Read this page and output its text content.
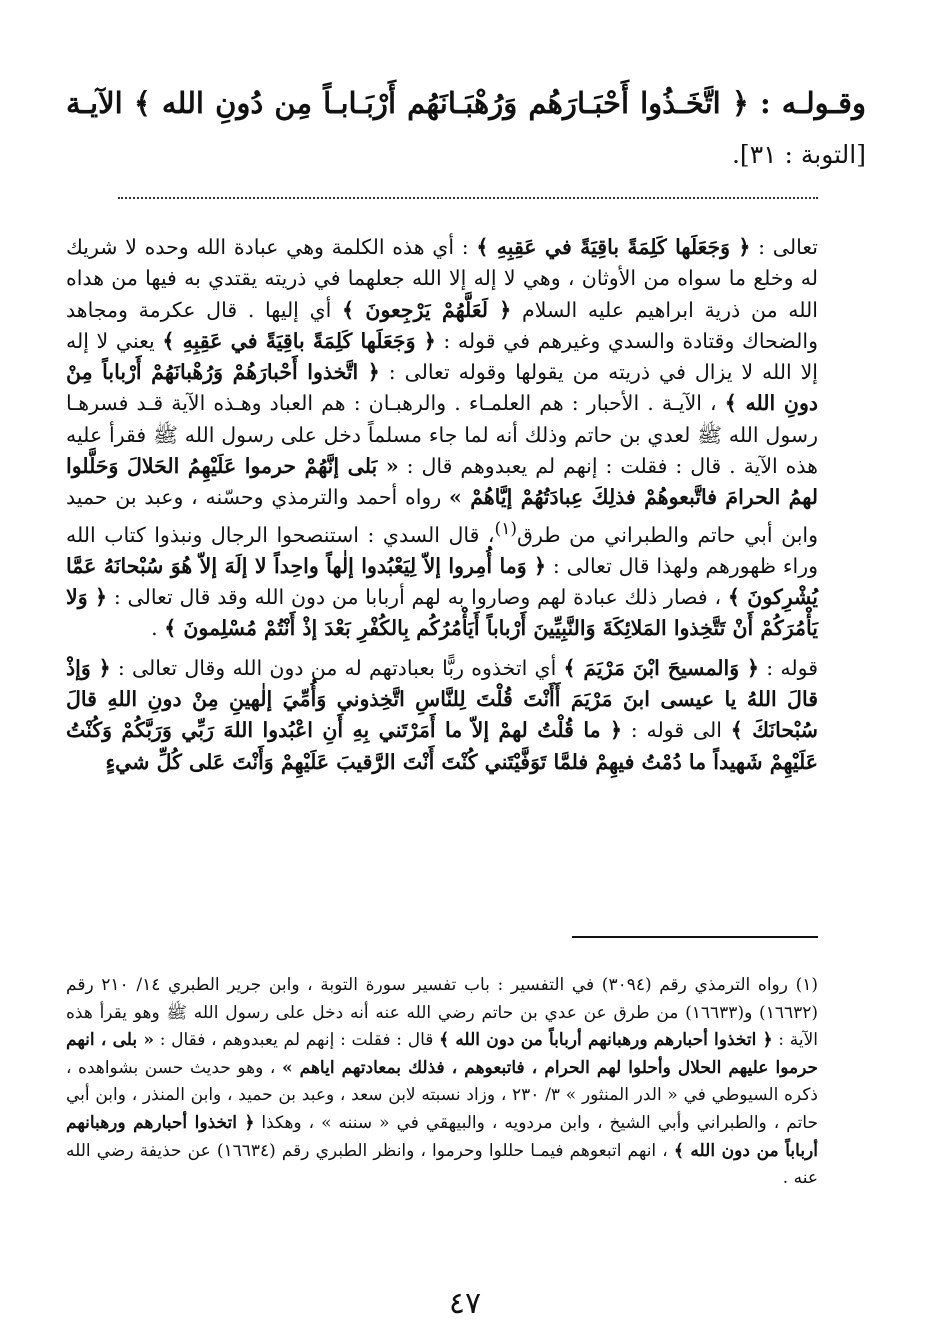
وقـولـه : ﴿ اتَّخَـذُوا أَحْبَـارَهُم وَرُهْبَـانَهُم أَرْبَـابـاً مِن دُونِ الله ﴾ الآيـة [التوبة : ٣١].

تعالى : ﴿ وَجَعَلَها كَلِمَةً باقِيَةً في عَقِبِهِ ﴾ : أي هذه الكلمة وهي عبادة الله وحده لا شريك له وخلع ما سواه من الأوثان ، وهي لا إله إلا الله جعلهما في ذريته يقتدي به فيها من هداه الله من ذرية ابراهيم عليه السلام ﴿ لَعَلَّهُمْ يَرْجِعونَ ﴾ أي إليها . قال عكرمة ومجاهد والضحاك وقتادة والسدي وغيرهم في قوله : ﴿ وَجَعَلَها كَلِمَةً باقِيَةً في عَقِبِهِ ﴾ يعني لا إله إلا الله لا يزال في ذريته من يقولها وقوله تعالى : ﴿ اتَّخذوا أَحْبارَهُمْ وَرُهْبانَهُمْ أَرْباباً مِنْ دونِ الله ﴾ ، الآيـة . الأحبار : هم العلمـاء . والرهبـان : هم العباد وهـذه الآية قـد فسرهـا رسول الله ﷺ لعدي بن حاتم وذلك أنه لما جاء مسلماً دخل على رسول الله ﷺ فقرأ عليه هذه الآية . قال : فقلت : إنهم لم يعبدوهم قال : « بَلى إنَّهُمْ حرموا عَلَيْهِمُ الحَلالَ وَحَلَّلوا لهمُ الحرامَ فاتَّبعوهُمْ فذلِكَ عِبادَتُهُمْ إيَّاهُمْ » رواه أحمد والترمذي وحسّنه ، وعبد بن حميد وابن أبي حاتم والطبراني من طرق$^{(١)}$، قال السدي : استنصحوا الرجال ونبذوا كتاب الله وراء ظهورهم ولهذا قال تعالى : ﴿ وَما أُمِروا إلاّ لِيَعْبُدوا إلٰهاً واحِداً لا إلَهَ إلاّ هُوَ سُبْحانَهُ عَمَّا يُشْرِكونَ ﴾ ، فصار ذلك عبادة لهم وصاروا به لهم أربابا من دون الله وقد قال تعالى : ﴿ وَلا يَأْمُرَكُمْ أَنْ تَتَّخِذوا المَلائِكَةَ وَالنَّبِيِّينَ أَرْباباً أَيَأْمُرُكُم بِالكُفْرِ بَعْدَ إذْ أَنْتُمْ مُسْلِمونَ ﴾ .

قوله : ﴿ وَالمسيحَ ابْنَ مَرْيَمَ ﴾ أي اتخذوه ربًّا بعبادتهم له من دون الله وقال تعالى : ﴿ وَإذْ قالَ اللهُ يا عيسى ابنَ مَرْيَمَ أَأَنْتَ قُلْتَ لِلنَّاسِ اتَّخِذوني وَأُمِّيَ إلٰهينِ مِنْ دونِ اللهِ قالَ سُبْحانَكَ ﴾ الى قوله : ﴿ ما قُلْتُ لهمْ إلاّ ما أَمَرْتَني بِهِ أَنِ اعْبُدوا اللهَ رَبِّي وَرَبَّكُمْ وَكُنْتُ عَلَيْهِمْ شَهيداً ما دُمْتُ فيهِمْ فلمَّا تَوَفَّيْتَني كُنْتَ أَنْتَ الرَّقيبَ عَلَيْهِمْ وَأَنْتَ عَلى كُلِّ شيءٍ

(١) رواه الترمذي رقم (٣٠٩٤) في التفسير : باب تفسير سورة التوبة ، وابن جرير الطبري ١٤/ ٢١٠ رقم (١٦٦٣٢) و(١٦٦٣٣) من طرق عن عدي بن حاتم رضي الله عنه أنه دخل على رسول الله ﷺ وهو يقرأ هذه الآية : ﴿ اتخذوا أحبارهم ورهبانهم أرباباً من دون الله ﴾ قال : فقلت : إنهم لم يعبدوهم ، فقال : « بلى ، انهم حرموا عليهم الحلال وأحلوا لهم الحرام ، فاتبعوهم ، فذلك بمعادتهم اياهم » ، وهو حديث حسن بشواهده ، ذكره السيوطي في « الدر المنثور » ٣/ ٢٣٠ ، وزاد نسبته لابن سعد ، وعبد بن حميد ، وابن المنذر ، وابن أبي حاتم ، والطبراني وأبي الشيخ ، وابن مردويه ، والبيهقي في « سننه » ، وهكذا ﴿ اتخذوا أحبارهم ورهبانهم أرباباً من دون الله ﴾ ، انهم اتبعوهم فيمـا حللوا وحرموا ، وانظر الطبري رقم (١٦٦٣٤) عن حذيفة رضي الله عنه .

٤٧
